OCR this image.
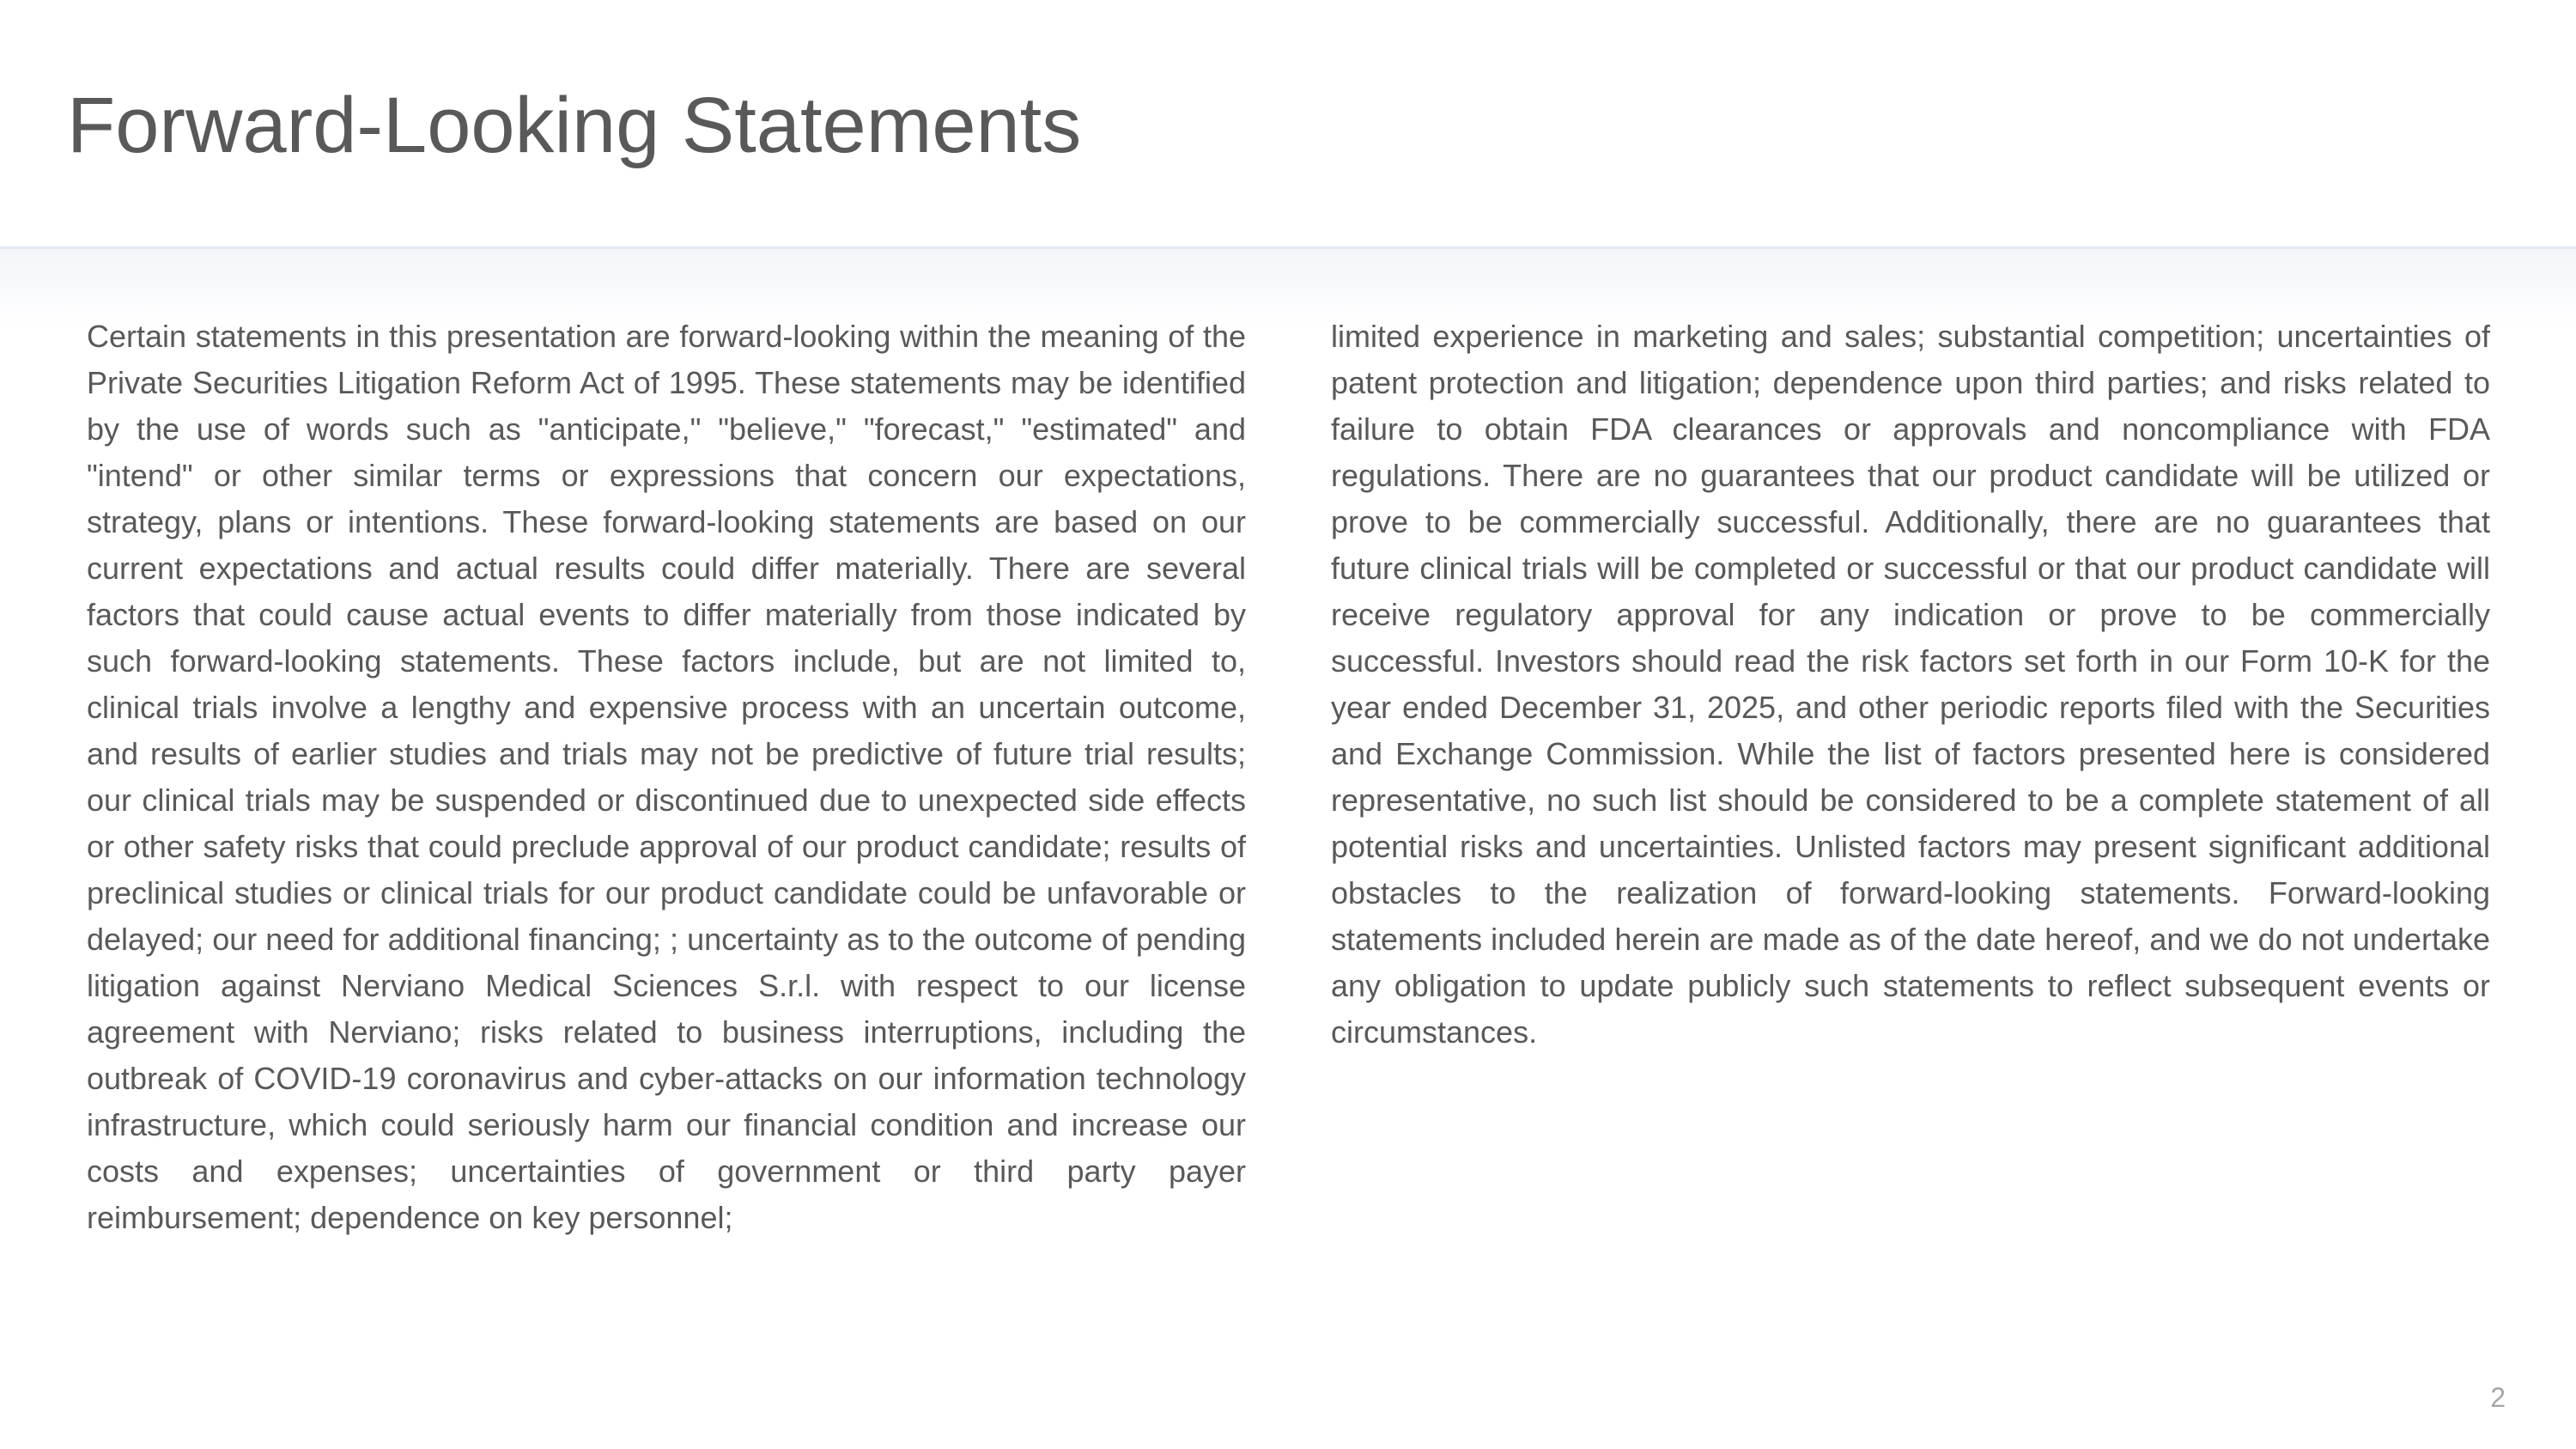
Forward-Looking Statements

Certain statements in this presentation are forward-looking within the meaning of the Private Securities Litigation Reform Act of 1995. These statements may be identified by the use of words such as "anticipate," "believe," "forecast," "estimated" and "intend" or other similar terms or expressions that concern our expectations, strategy, plans or intentions. These forward-looking statements are based on our current expectations and actual results could differ materially. There are several factors that could cause actual events to differ materially from those indicated by such forward-looking statements. These factors include, but are not limited to, clinical trials involve a lengthy and expensive process with an uncertain outcome, and results of earlier studies and trials may not be predictive of future trial results; our clinical trials may be suspended or discontinued due to unexpected side effects or other safety risks that could preclude approval of our product candidate; results of preclinical studies or clinical trials for our product candidate could be unfavorable or delayed; our need for additional financing; ; uncertainty as to the outcome of pending litigation against Nerviano Medical Sciences S.r.l. with respect to our license agreement with Nerviano; risks related to business interruptions, including the outbreak of COVID-19 coronavirus and cyber-attacks on our information technology infrastructure, which could seriously harm our financial condition and increase our costs and expenses; uncertainties of government or third party payer reimbursement; dependence on key personnel;

limited experience in marketing and sales; substantial competition; uncertainties of patent protection and litigation; dependence upon third parties; and risks related to failure to obtain FDA clearances or approvals and noncompliance with FDA regulations. There are no guarantees that our product candidate will be utilized or prove to be commercially successful. Additionally, there are no guarantees that future clinical trials will be completed or successful or that our product candidate will receive regulatory approval for any indication or prove to be commercially successful. Investors should read the risk factors set forth in our Form 10-K for the year ended December 31, 2025, and other periodic reports filed with the Securities and Exchange Commission. While the list of factors presented here is considered representative, no such list should be considered to be a complete statement of all potential risks and uncertainties. Unlisted factors may present significant additional obstacles to the realization of forward-looking statements. Forward-looking statements included herein are made as of the date hereof, and we do not undertake any obligation to update publicly such statements to reflect subsequent events or circumstances.

2
